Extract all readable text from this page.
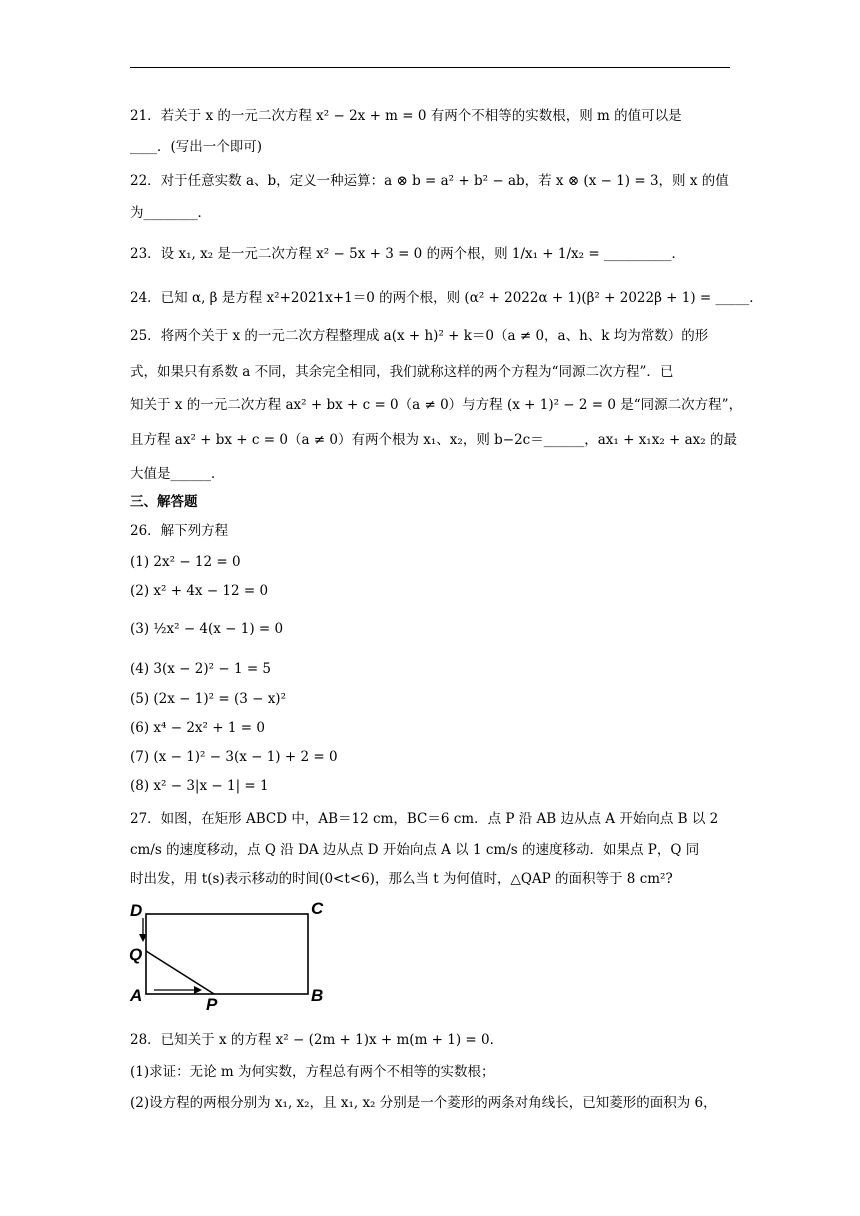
21．若关于 x 的一元二次方程 x² − 2x + m = 0 有两个不相等的实数根，则 m 的值可以是
____．(写出一个即可)
22．对于任意实数 a、b，定义一种运算：a ⊗ b = a² + b² − ab，若 x ⊗ (x − 1) = 3，则 x 的值
为________．
23．设 x₁, x₂ 是一元二次方程 x² − 5x + 3 = 0 的两个根，则 1/x₁ + 1/x₂ = __________．
24．已知 α, β 是方程 x²+2021x+1＝0 的两个根，则 (α² + 2022α + 1)(β² + 2022β + 1) = _____．
25．将两个关于 x 的一元二次方程整理成 a(x + h)² + k＝0（a ≠ 0，a、h、k 均为常数）的形
式，如果只有系数 a 不同，其余完全相同，我们就称这样的两个方程为“同源二次方程”．已
知关于 x 的一元二次方程 ax² + bx + c = 0（a ≠ 0）与方程 (x + 1)² − 2 = 0 是“同源二次方程”，
且方程 ax² + bx + c = 0（a ≠ 0）有两个根为 x₁、x₂，则 b−2c＝______，ax₁ + x₁x₂ + ax₂ 的最
大值是______．
三、解答题
26．解下列方程
(1) 2x² − 12 = 0
(2) x² + 4x − 12 = 0
(3) ½x² − 4(x − 1) = 0
(4) 3(x − 2)² − 1 = 5
(5) (2x − 1)² = (3 − x)²
(6) x⁴ − 2x² + 1 = 0
(7) (x − 1)² − 3(x − 1) + 2 = 0
(8) x² − 3|x − 1| = 1
27．如图，在矩形 ABCD 中，AB＝12 cm，BC＝6 cm．点 P 沿 AB 边从点 A 开始向点 B 以 2
cm/s 的速度移动，点 Q 沿 DA 边从点 D 开始向点 A 以 1 cm/s 的速度移动．如果点 P，Q 同
时出发，用 t(s)表示移动的时间(0<t<6)，那么当 t 为何值时，△QAP 的面积等于 8 cm²?
D	C
Q
A	B
P
28．已知关于 x 的方程 x² − (2m + 1)x + m(m + 1) = 0．
(1)求证：无论 m 为何实数，方程总有两个不相等的实数根；
(2)设方程的两根分别为 x₁, x₂，且 x₁, x₂ 分别是一个菱形的两条对角线长，已知菱形的面积为 6，
